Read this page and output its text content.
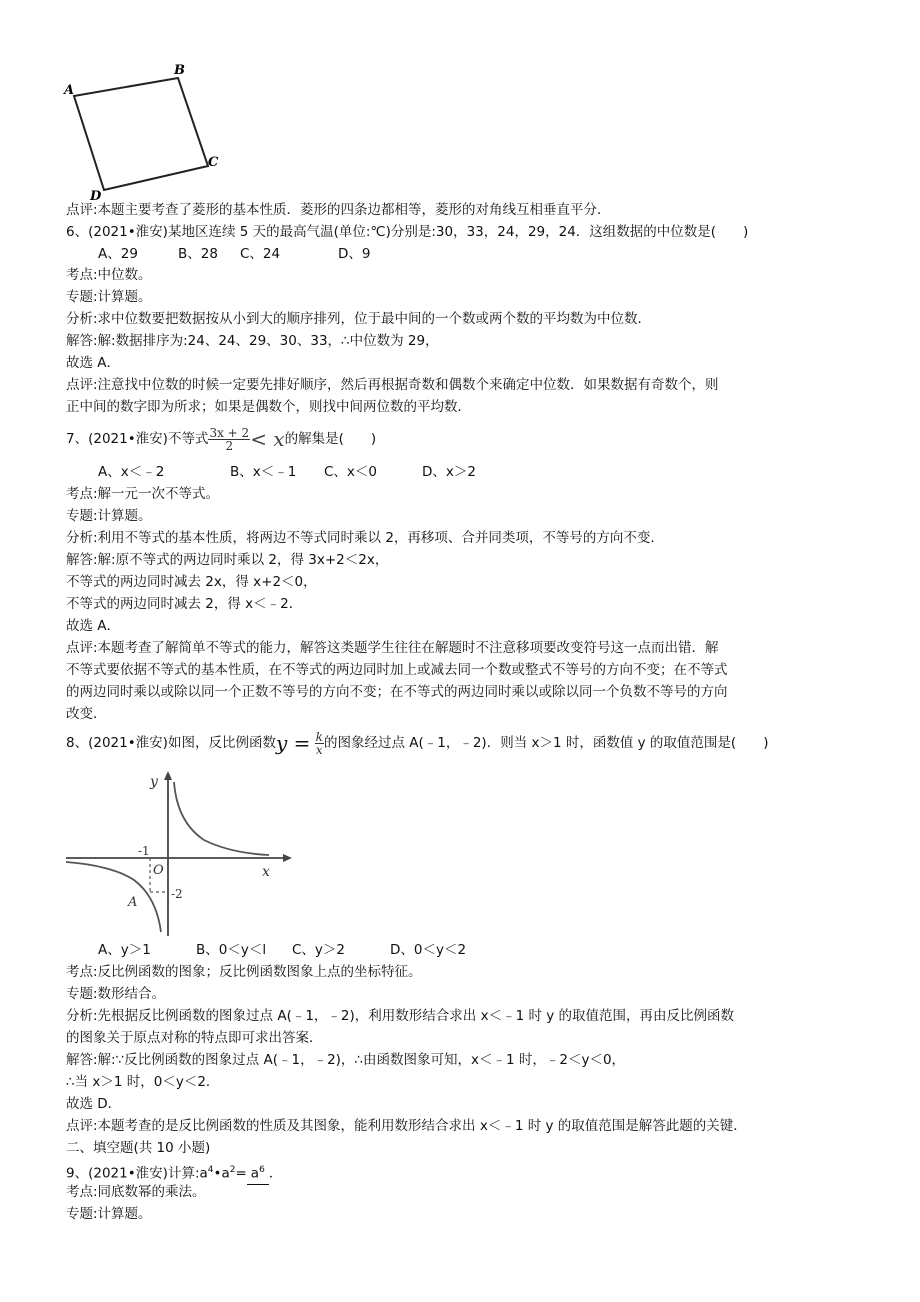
A
B
C
D
点评:本题主要考查了菱形的基本性质．菱形的四条边都相等，菱形的对角线互相垂直平分．
6、(2021•淮安)某地区连续 5 天的最高气温(单位:℃)分别是:30，33，24，29，24．这组数据的中位数是(　　)
A、29	B、28 C、24	D、9
考点:中位数。
专题:计算题。
分析:求中位数要把数据按从小到大的顺序排列，位于最中间的一个数或两个数的平均数为中位数．
解答:解:数据排序为:24、24、29、30、33，∴中位数为 29，
故选 A．
点评:注意找中位数的时候一定要先排好顺序，然后再根据奇数和偶数个来确定中位数．如果数据有奇数个，则
正中间的数字即为所求；如果是偶数个，则找中间两位数的平均数．
7、(2021•淮安)不等式 $\frac{3x + 2}{2} < x$的解集是(　　)
A、x＜﹣2	B、x＜﹣1 C、x＜0	D、x＞2
考点:解一元一次不等式。
专题:计算题。
分析:利用不等式的基本性质，将两边不等式同时乘以 2，再移项、合并同类项，不等号的方向不变．
解答:解:原不等式的两边同时乘以 2，得 3x+2＜2x，
不等式的两边同时减去 2x，得 x+2＜0，
不等式的两边同时减去 2，得 x＜﹣2．
故选 A．
点评:本题考查了解简单不等式的能力，解答这类题学生往往在解题时不注意移项要改变符号这一点而出错．解
不等式要依据不等式的基本性质，在不等式的两边同时加上或减去同一个数或整式不等号的方向不变；在不等式
的两边同时乘以或除以同一个正数不等号的方向不变；在不等式的两边同时乘以或除以同一个负数不等号的方向
改变．
8、(2021•淮安)如图，反比例函数$y = \frac{k}{x}$ 的图象经过点 A(﹣1，﹣2)．则当 x＞1 时，函数值 y 的取值范围是(　　)
y
x
O
-1
-2
A
A、y＞1	B、0＜y＜l C、y＞2	D、0＜y＜2
考点:反比例函数的图象；反比例函数图象上点的坐标特征。
专题:数形结合。
分析:先根据反比例函数的图象过点 A(﹣1，﹣2)，利用数形结合求出 x＜﹣1 时 y 的取值范围，再由反比例函数
的图象关于原点对称的特点即可求出答案．
解答:解:∵反比例函数的图象过点 A(﹣1，﹣2)，∴由函数图象可知，x＜﹣1 时，﹣2＜y＜0，
∴当 x＞1 时，0＜y＜2．
故选 D．
点评:本题考查的是反比例函数的性质及其图象，能利用数形结合求出 x＜﹣1 时 y 的取值范围是解答此题的关键．
二、填空题(共 10 小题)
9、(2021•淮安)计算$:a^4•a^2= a^6$ ．
考点:同底数幂的乘法。
专题:计算题。
